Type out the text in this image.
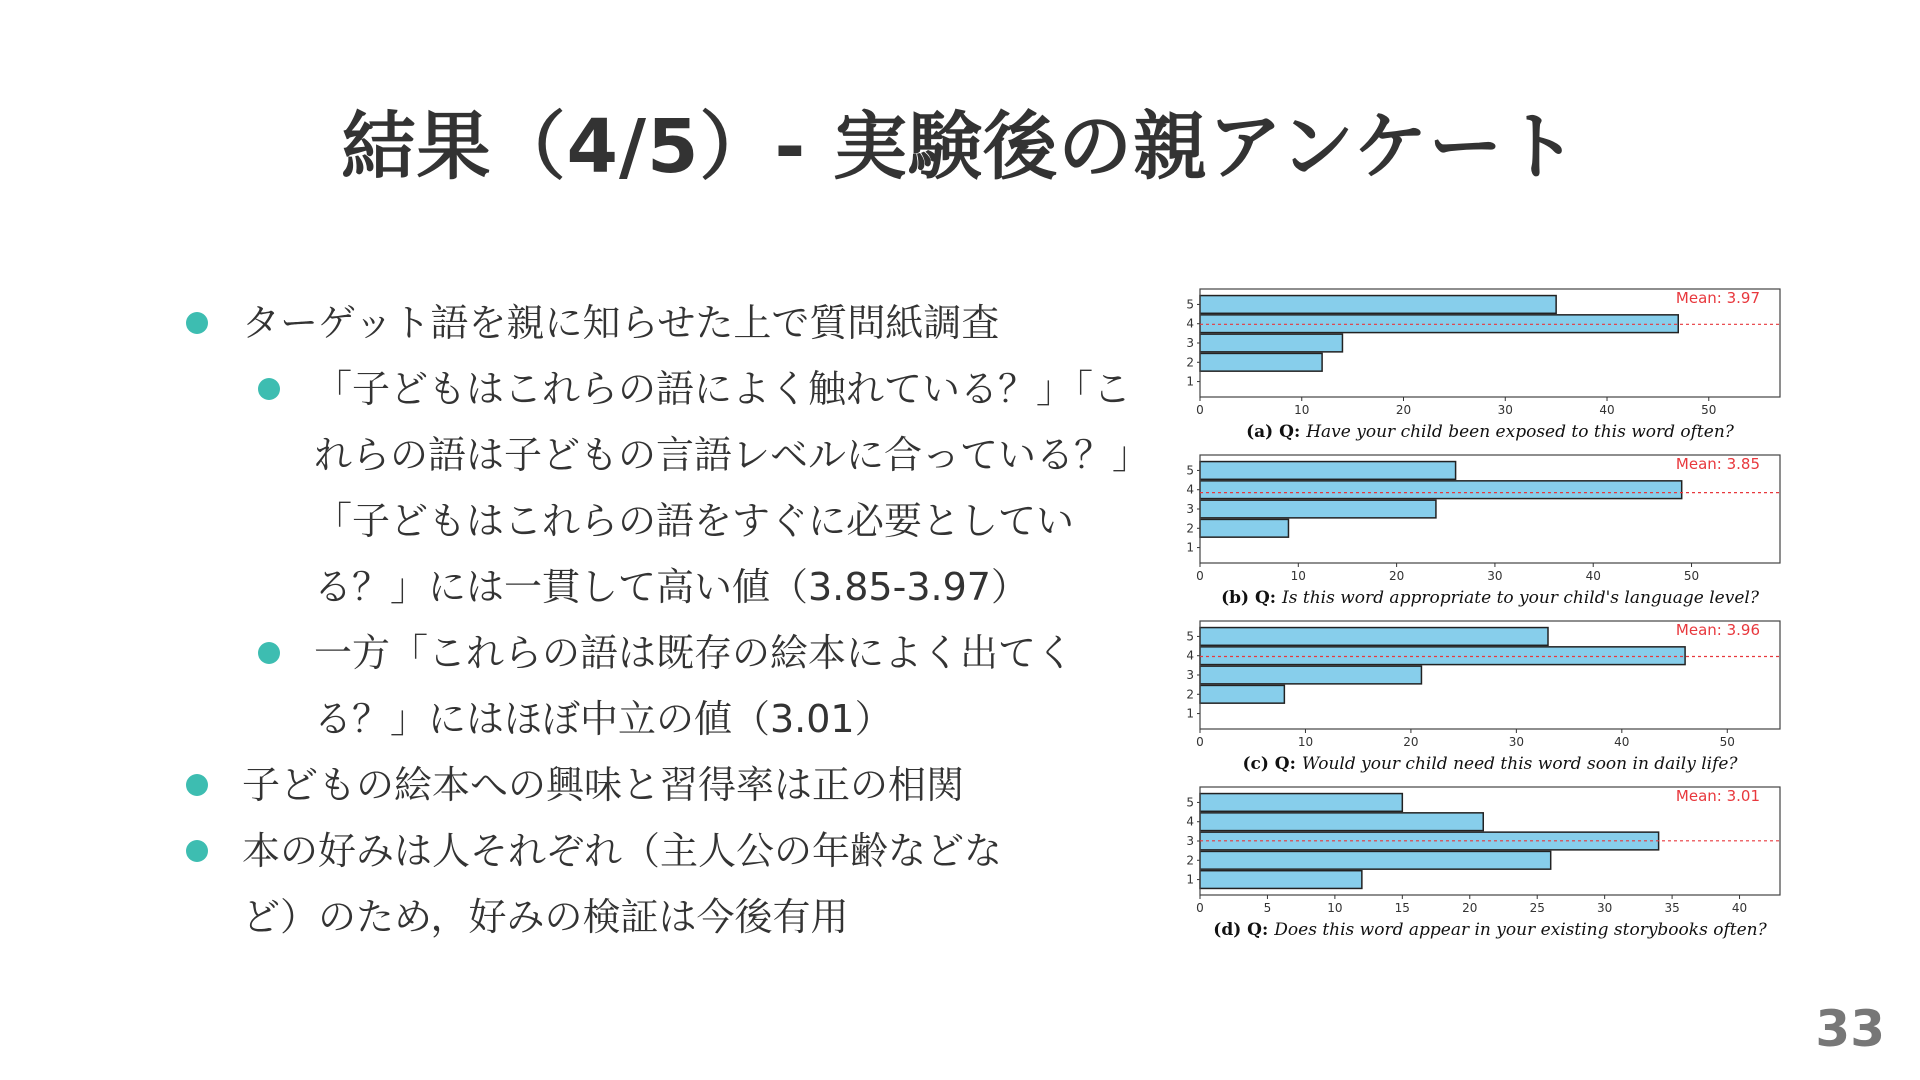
結果（4/5）- 実験後の親アンケート
ターゲット語を親に知らせた上で質問紙調査
「子どもはこれらの語によく触れている？」「こ
れらの語は子どもの言語レベルに合っている？」
「子どもはこれらの語をすぐに必要としてい
る？」には一貫して高い値（3.85-3.97）
一方「これらの語は既存の絵本によく出てく
る？」にはほぼ中立の値（3.01）
子どもの絵本への興味と習得率は正の相関
本の好みは人それぞれ（主人公の年齢などな
ど）のため，好みの検証は今後有用
1
2
3
4
5	Mean: 3.97
0	10	20	30	40	50
(a) Q: Have your child been exposed to this word often?
1
2
3
4
5	Mean: 3.85
0	10	20	30	40	50
(b) Q: Is this word appropriate to your child's language level?
1
2
3
4
5	Mean: 3.96
0	10	20	30	40	50
(c) Q: Would your child need this word soon in daily life?
1
2
3
4
5	Mean: 3.01
0	5	10	15	20	25	30	35	40
(d) Q: Does this word appear in your existing storybooks often?
33
